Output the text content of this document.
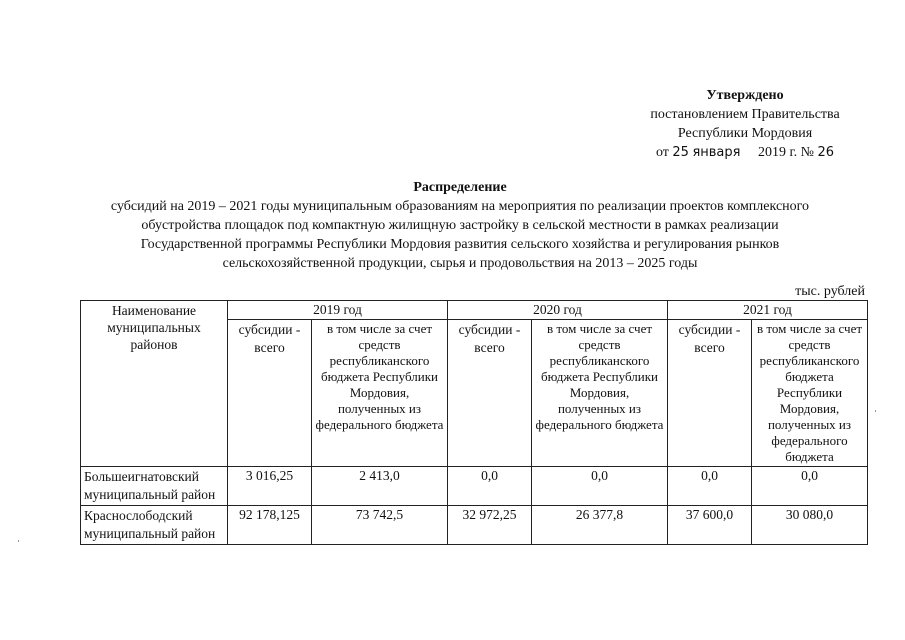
Утверждено
постановлением Правительства
Республики Мордовия
от 25 января 2019 г. № 26
Распределение
субсидий на 2019 – 2021 годы муниципальным образованиям на мероприятия по реализации проектов комплексного
обустройства площадок под компактную жилищную застройку в сельской местности в рамках реализации
Государственной программы Республики Мордовия развития сельского хозяйства и регулирования рынков
сельскохозяйственной продукции, сырья и продовольствия на 2013 – 2025 годы
тыс. рублей
Наименование муниципальных районов	2019 год		2020 год		2021 год	
	субсидии - всего	в том числе за счет средств республиканского бюджета Республики Мордовия, полученных из федерального бюджета	субсидии - всего	в том числе за счет средств республиканского бюджета Республики Мордовия, полученных из федерального бюджета	субсидии - всего	в том числе за счет средств республиканского бюджета Республики Мордовия, полученных из федерального бюджета
Большеигнатовский муниципальный район	3 016,25	2 413,0	0,0	0,0	0,0	0,0
Краснослободский муниципальный район	92 178,125	73 742,5	32 972,25	26 377,8	37 600,0	30 080,0
